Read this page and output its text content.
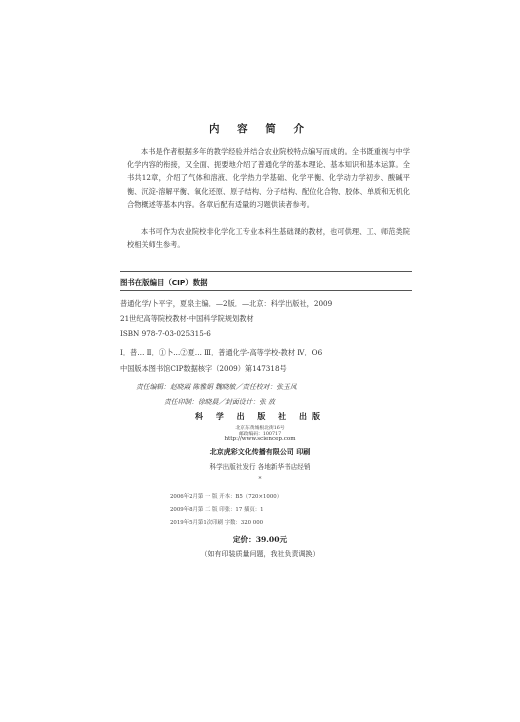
内 容 简 介
本书是作者根据多年的教学经验并结合农业院校特点编写而成的。全书既重视与中学化学内容的衔接，又全面、扼要地介绍了普通化学的基本理论、基本知识和基本运算。全书共12章，介绍了气体和溶液、化学热力学基础、化学平衡、化学动力学初步、酸碱平衡、沉淀-溶解平衡、氧化还原、原子结构、分子结构、配位化合物、胶体、单质和无机化合物概述等基本内容。各章后配有适量的习题供读者参考。
本书可作为农业院校非化学化工专业本科生基础课的教材，也可供理、工、师范类院校相关师生参考。
图书在版编目（CIP）数据
普通化学/卜平宇，夏泉主编．—2版．—北京：科学出版社，2009
21世纪高等院校教材·中国科学院规划教材
ISBN 978-7-03-025315-6
Ⅰ．普… Ⅱ．①卜…②夏… Ⅲ．普通化学-高等学校-教材 Ⅳ．O6
中国版本图书馆CIP数据核字（2009）第147318号
责任编辑：赵晓霞 陈雅娟 魏晓敏／责任校对：张玉凤
责任印制：徐晓晨／封面设计：张 放
科 学 出 版 社 出版
北京东黄城根北街16号
邮政编码：100717
http://www.sciencep.com
北京虎彩文化传播有限公司 印刷
科学出版社发行 各地新华书店经销
*
2006年2月第 一 版 开本：B5（720×1000）
2009年8月第 二 版 印张：17 插页：1
2019年5月第1次印刷 字数：320 000
定价：39.00元
（如有印装质量问题，我社负责调换）
